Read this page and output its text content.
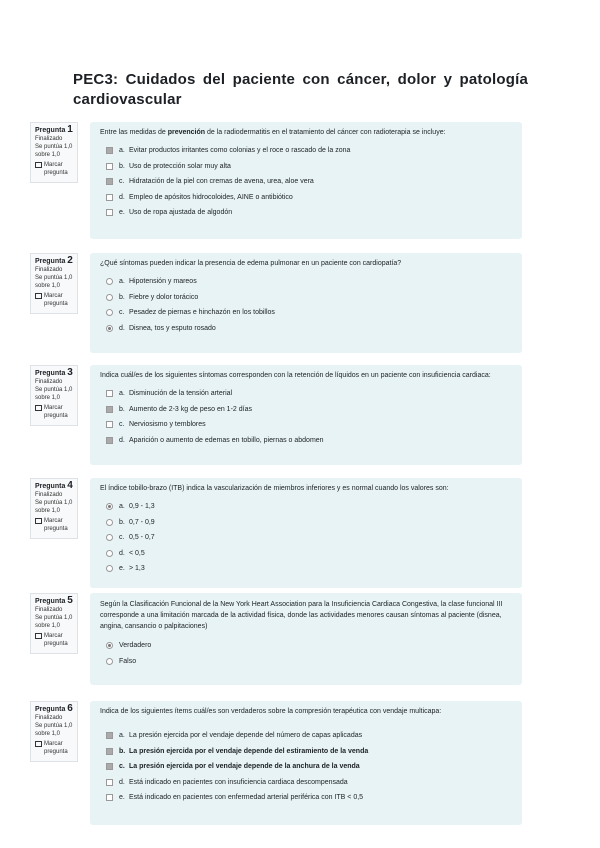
PEC3: Cuidados del paciente con cáncer, dolor y patología cardiovascular
Pregunta 1
Finalizado
Se puntúa 1,0 sobre 1,0
Marcar pregunta

Entre las medidas de prevención de la radiodermatitis en el tratamiento del cáncer con radioterapia se incluye:

a. Evitar productos irritantes como colonias y el roce o rascado de la zona
b. Uso de protección solar muy alta
c. Hidratación de la piel con cremas de avena, urea, aloe vera
d. Empleo de apósitos hidrocoloides, AINE o antibiótico
e. Uso de ropa ajustada de algodón
Pregunta 2
Finalizado
Se puntúa 1,0 sobre 1,0
Marcar pregunta

¿Qué síntomas pueden indicar la presencia de edema pulmonar en un paciente con cardiopatía?

a. Hipotensión y mareos
b. Fiebre y dolor torácico
c. Pesadez de piernas e hinchazón en los tobillos
d. Disnea, tos y esputo rosado
Pregunta 3
Finalizado
Se puntúa 1,0 sobre 1,0
Marcar pregunta

Indica cuál/es de los siguientes síntomas corresponden con la retención de líquidos en un paciente con insuficiencia cardiaca:

a. Disminución de la tensión arterial
b. Aumento de 2-3 kg de peso en 1-2 días
c. Nerviosismo y temblores
d. Aparición o aumento de edemas en tobillo, piernas o abdomen
Pregunta 4
Finalizado
Se puntúa 1,0 sobre 1,0
Marcar pregunta

El índice tobillo-brazo (ITB) indica la vascularización de miembros inferiores y es normal cuando los valores son:

a. 0,9 - 1,3
b. 0,7 - 0,9
c. 0,5 - 0,7
d. < 0,5
e. > 1,3
Pregunta 5
Finalizado
Se puntúa 1,0 sobre 1,0
Marcar pregunta

Según la Clasificación Funcional de la New York Heart Association para la Insuficiencia Cardiaca Congestiva, la clase funcional III corresponde a una limitación marcada de la actividad física, donde las actividades menores causan síntomas al paciente (disnea, angina, cansancio o palpitaciones)

Verdadero
Falso
Pregunta 6
Finalizado
Se puntúa 1,0 sobre 1,0
Marcar pregunta

Indica de los siguientes ítems cuál/es son verdaderos sobre la compresión terapéutica con vendaje multicapa:

a. La presión ejercida por el vendaje depende del número de capas aplicadas
b. La presión ejercida por el vendaje depende del estiramiento de la venda
c. La presión ejercida por el vendaje depende de la anchura de la venda
d. Está indicado en pacientes con insuficiencia cardiaca descompensada
e. Está indicado en pacientes con enfermedad arterial periférica con ITB < 0,5
